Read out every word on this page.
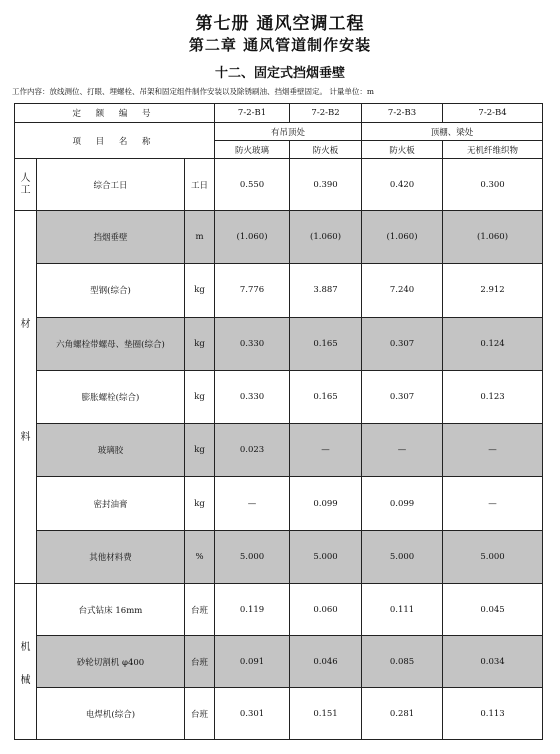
第七册 通风空调工程
第二章 通风管道制作安装
十二、固定式挡烟垂壁
工作内容：放线测位、打眼、埋螺栓、吊架和固定组件制作安装以及除锈刷油、挡烟垂壁固定。 计量单位：m
定 额 编 号			7-2-B1	7-2-B2	7-2-B3	7-2-B4
项 目 名 称			有吊顶处		顶棚、梁处	
			防火玻璃	防火板	防火板	无机纤维织物
人
工	综合工日	工日	0.550	0.390	0.420	0.300

材
料	挡烟垂壁	m	(1.060)	(1.060)	(1.060)	(1.060)
	型钢(综合)	kg	7.776	3.887	7.240	2.912
	六角螺栓带螺母、垫圈(综合)	kg	0.330	0.165	0.307	0.124
	膨胀螺栓(综合)	kg	0.330	0.165	0.307	0.123
	玻璃胶	kg	0.023	—	—	—
	密封油膏	kg	—	0.099	0.099	—
	其他材料费	%	5.000	5.000	5.000	5.000

机
械	台式钻床 16mm	台班	0.119	0.060	0.111	0.045
	砂轮切割机 φ400	台班	0.091	0.046	0.085	0.034
	电焊机(综合)	台班	0.301	0.151	0.281	0.113
